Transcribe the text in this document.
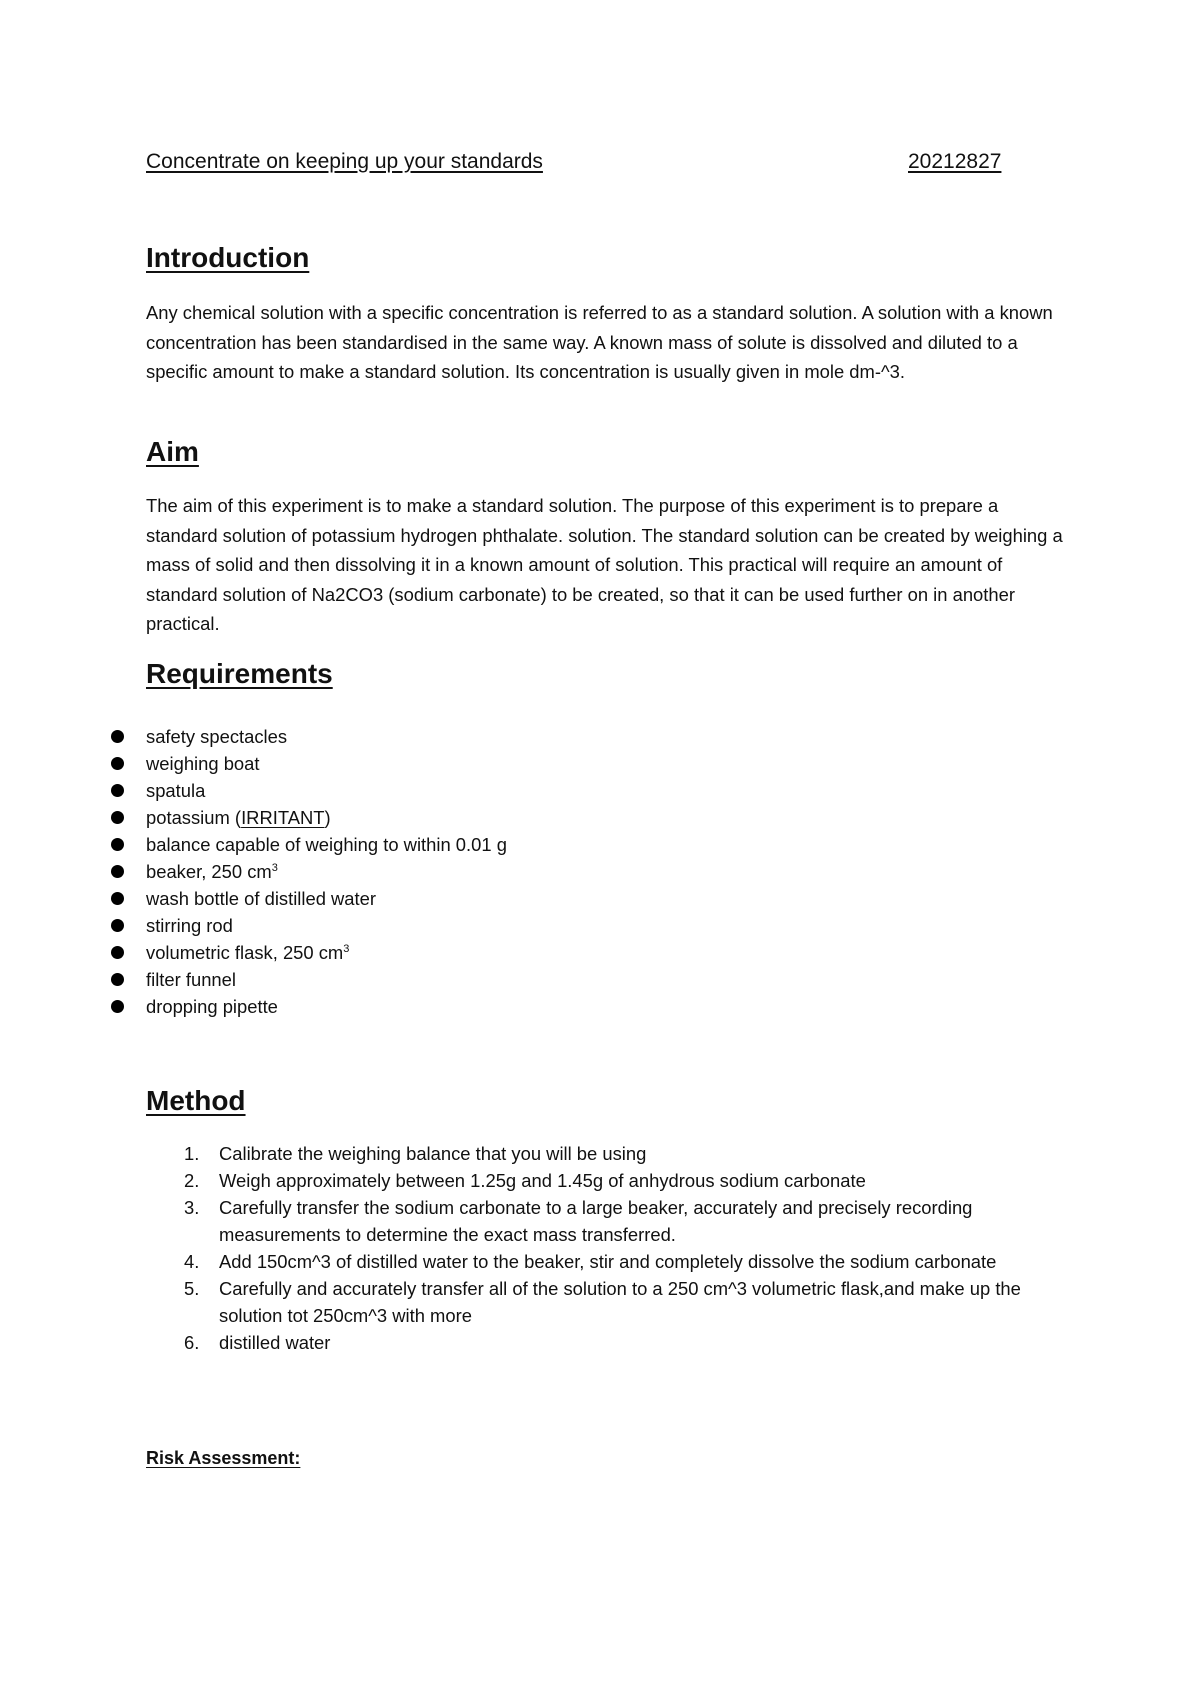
Concentrate on keeping up your standards	20212827
Introduction

Any chemical solution with a specific concentration is referred to as a standard solution. A solution with a known concentration has been standardised in the same way. A known mass of solute is dissolved and diluted to a specific amount to make a standard solution. Its concentration is usually given in mole dm-^3.

Aim

The aim of this experiment is to make a standard solution. The purpose of this experiment is to prepare a standard solution of potassium hydrogen phthalate. solution. The standard solution can be created by weighing a mass of solid and then dissolving it in a known amount of solution. This practical will require an amount of standard solution of Na2CO3 (sodium carbonate) to be created, so that it can be used further on in another practical.

Requirements
safety spectacles
weighing boat
spatula
potassium (IRRITANT)
balance capable of weighing to within 0.01 g
beaker, 250 $cm^3$
wash bottle of distilled water
stirring rod
volumetric flask, 250 $cm^3$
filter funnel
dropping pipette
Method
1. Calibrate the weighing balance that you will be using
2. Weigh approximately between 1.25g and 1.45g of anhydrous sodium carbonate
3. Carefully transfer the sodium carbonate to a large beaker, accurately and precisely recording measurements to determine the exact mass transferred.
4. Add 150cm^3 of distilled water to the beaker, stir and completely dissolve the sodium carbonate
5. Carefully and accurately transfer all of the solution to a 250 cm^3 volumetric flask,and make up the solution tot 250cm^3 with more
6. distilled water
Risk Assessment:
